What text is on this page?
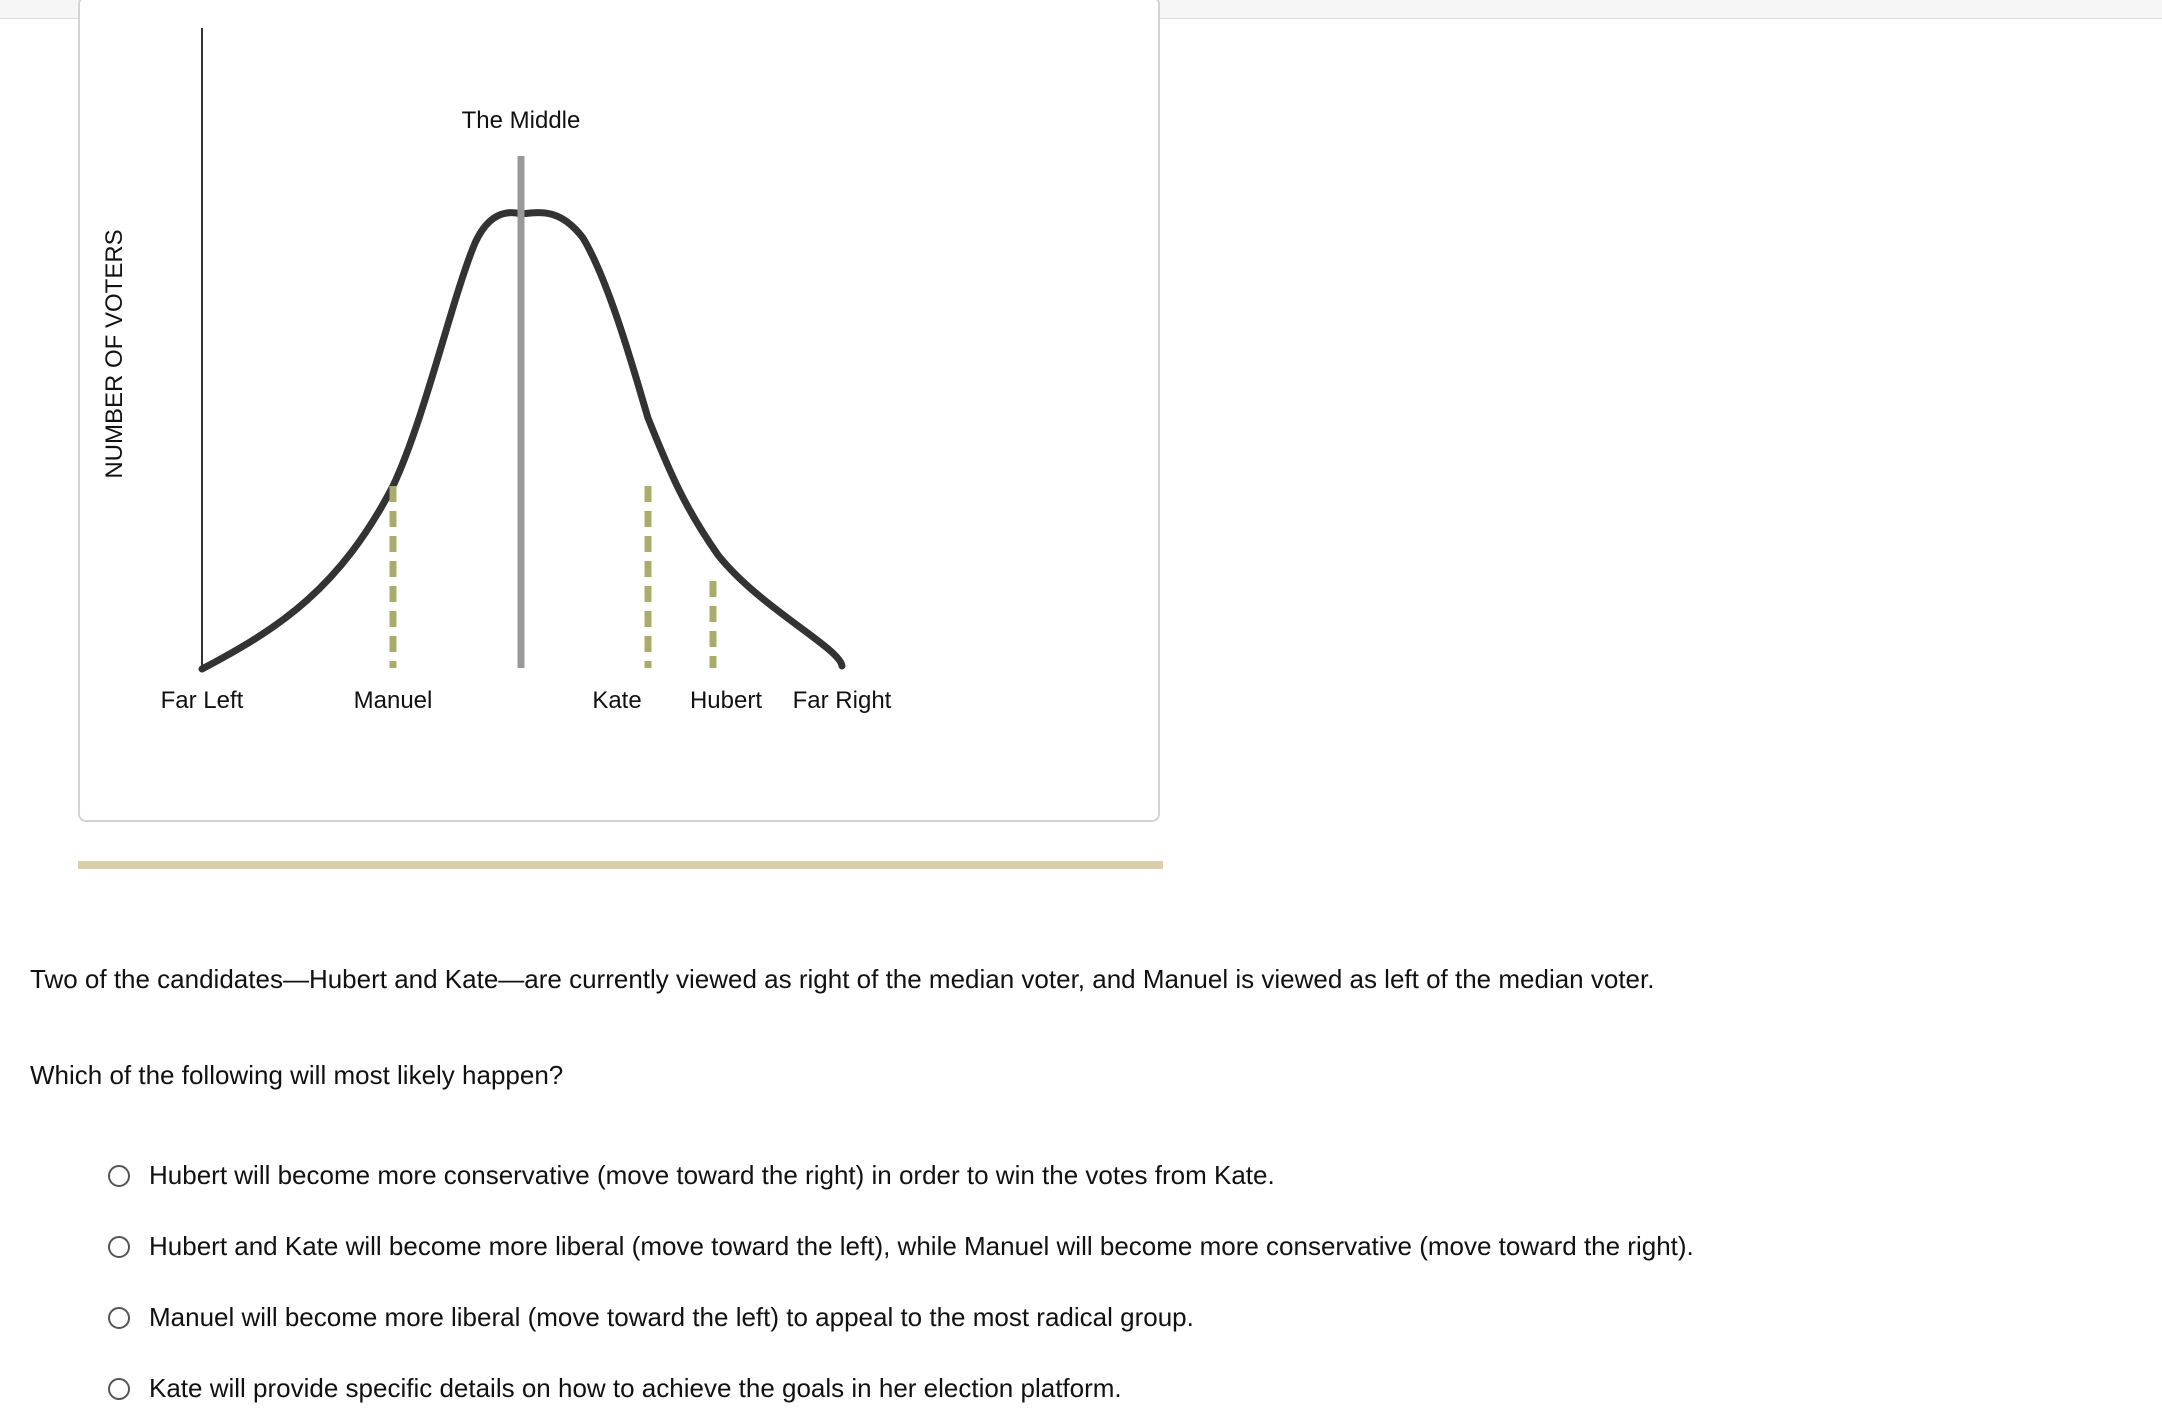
NUMBER OF VOTERS
The Middle
Far Left	Manuel	Kate Hubert Far Right
Two of the candidates—Hubert and Kate—are currently viewed as right of the median voter, and Manuel is viewed as left of the median voter.
Which of the following will most likely happen?
Hubert will become more conservative (move toward the right) in order to win the votes from Kate.
Hubert and Kate will become more liberal (move toward the left), while Manuel will become more conservative (move toward the right).
Manuel will become more liberal (move toward the left) to appeal to the most radical group.
Kate will provide specific details on how to achieve the goals in her election platform.
